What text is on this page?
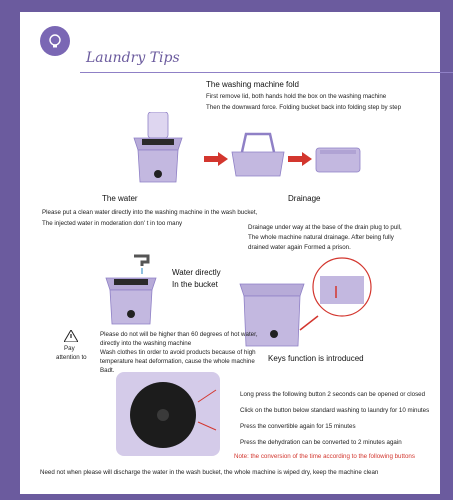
Laundry Tips
The washing machine fold
First remove lid, both hands hold the box on the washing machine
Then the downward force. Folding bucket back into folding step by step
The water	Drainage
Please put a clean water directly into the washing machine in the wash bucket,
The injected water in moderation don' t in too many
Drainage under way at the base of the drain plug to pull,
The whole machine natural drainage. After being fully
drained water again Formed a prison.
Water directly
In the bucket
Pay
attention to
Please do not will be higher than 60 degrees of hot water,
directly into the washing machine
Wash clothes tin order to avoid products because of high
temperature heat deformation, cause the whole machine
Badt.
Keys function is introduced
Long press the following button 2 seconds can be opened or closed
Click on the button below standard washing to laundry for 10 minutes
Press the convertible again for 15 minutes
Press the dehydration can be converted to 2 minutes again
Note: the conversion of the time according to the following buttons
Need not when please will discharge the water in the wash bucket, the whole machine is wiped dry, keep the machine clean
